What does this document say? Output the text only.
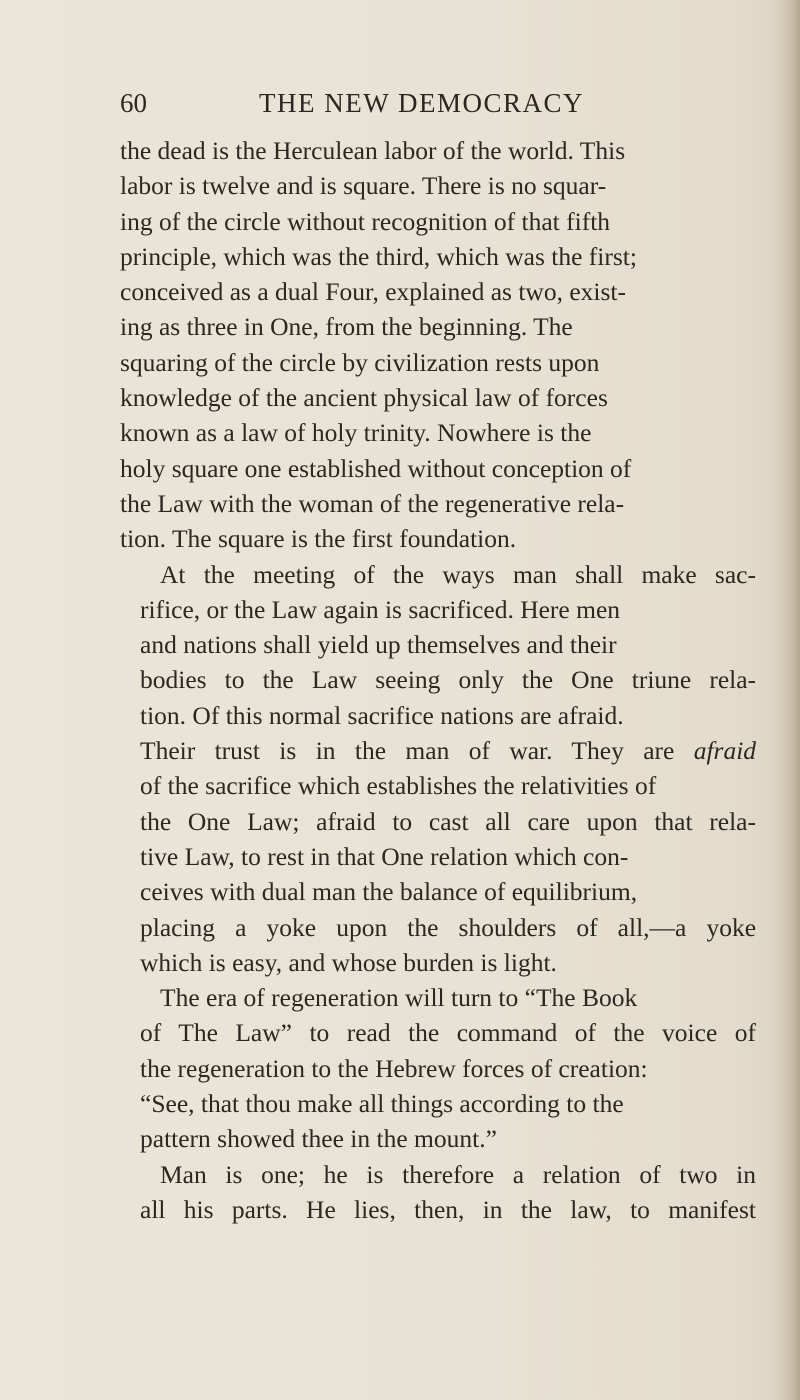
60	THE NEW DEMOCRACY

the dead is the Herculean labor of the world. This
labor is twelve and is square. There is no squar-
ing of the circle without recognition of that fifth
principle, which was the third, which was the first;
conceived as a dual Four, explained as two, exist-
ing as three in One, from the beginning. The
squaring of the circle by civilization rests upon
knowledge of the ancient physical law of forces
known as a law of holy trinity. Nowhere is the
holy square one established without conception of
the Law with the woman of the regenerative rela-
tion. The square is the first foundation.

At the meeting of the ways man shall make sac-
rifice, or the Law again is sacrificed. Here men
and nations shall yield up themselves and their
bodies to the Law seeing only the One triune rela-
tion. Of this normal sacrifice nations are afraid.
Their trust is in the man of war. They are afraid
of the sacrifice which establishes the relativities of
the One Law; afraid to cast all care upon that rela-
tive Law, to rest in that One relation which con-
ceives with dual man the balance of equilibrium,
placing a yoke upon the shoulders of all,—a yoke
which is easy, and whose burden is light.

The era of regeneration will turn to “The Book
of The Law” to read the command of the voice of
the regeneration to the Hebrew forces of creation:
“See, that thou make all things according to the
pattern showed thee in the mount.”

Man is one; he is therefore a relation of two in
all his parts. He lies, then, in the law, to manifest
